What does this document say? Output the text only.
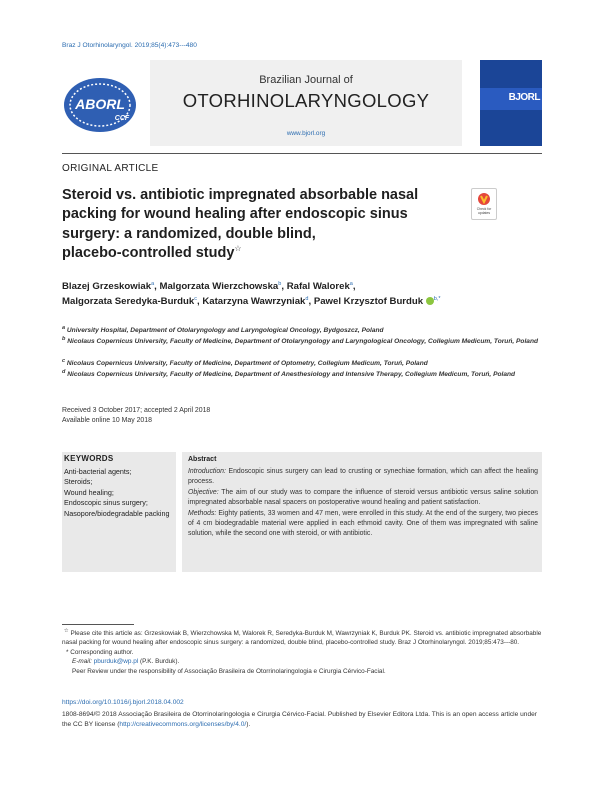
Braz J Otorhinolaryngol. 2019;85(4):473---480
ABORL
CCF
Brazilian Journal of
OTORHINOLARYNGOLOGY
www.bjorl.org
BJORL
ORIGINAL ARTICLE
Steroid vs. antibiotic impregnated absorbable nasal
packing for wound healing after endoscopic sinus
surgery: a randomized, double blind,
placebo-controlled study☆
Check for updates
Blazej Grzeskowiak$^a$, Malgorzata Wierzchowska$^b$, Rafal Walorek$^a$,
Malgorzata Seredyka-Burduk$^c$, Katarzyna Wawrzyniak$^d$, Pawel Krzysztof Burduk $^{b,*}$
$^a$ University Hospital, Department of Otolaryngology and Laryngological Oncology, Bydgoszcz, Poland
$^b$ Nicolaus Copernicus University, Faculty of Medicine, Department of Otolaryngology and Laryngological Oncology, Collegium Medicum, Toruń, Poland
$^c$ Nicolaus Copernicus University, Faculty of Medicine, Department of Optometry, Collegium Medicum, Toruń, Poland
$^d$ Nicolaus Copernicus University, Faculty of Medicine, Department of Anesthesiology and Intensive Therapy, Collegium Medicum, Toruń, Poland
Received 3 October 2017; accepted 2 April 2018
Available online 10 May 2018
KEYWORDS
Anti-bacterial agents;
Steroids;
Wound healing;
Endoscopic sinus surgery;
Nasopore/biodegradable packing
Abstract

Introduction: Endoscopic sinus surgery can lead to crusting or synechiae formation, which can affect the healing process.

Objective: The aim of our study was to compare the influence of steroid versus antibiotic versus saline solution impregnated absorbable nasal spacers on postoperative wound healing and patient satisfaction.

Methods: Eighty patients, 33 women and 47 men, were enrolled in this study. At the end of the surgery, two pieces of 4 cm biodegradable material were applied in each ethmoid cavity. One of them was impregnated with saline solution, while the second one with steroid, or with antibiotic.

☆ Please cite this article as: Grzeskowiak B, Wierzchowska M, Walorek R, Seredyka-Burduk M, Wawrzyniak K, Burduk PK. Steroid vs. antibiotic impregnated absorbable nasal packing for wound healing after endoscopic sinus surgery: a randomized, double blind, placebo-controlled study. Braz J Otorhinolaryngol. 2019;85:473---80.
* Corresponding author.
E-mail: pburduk@wp.pl (P.K. Burduk).
Peer Review under the responsibility of Associação Brasileira de Otorrinolaringologia e Cirurgia Cérvico-Facial.
https://doi.org/10.1016/j.bjorl.2018.04.002
1808-8694/© 2018 Associação Brasileira de Otorrinolaringologia e Cirurgia Cérvico-Facial. Published by Elsevier Editora Ltda. This is an open access article under the CC BY license (http://creativecommons.org/licenses/by/4.0/).
